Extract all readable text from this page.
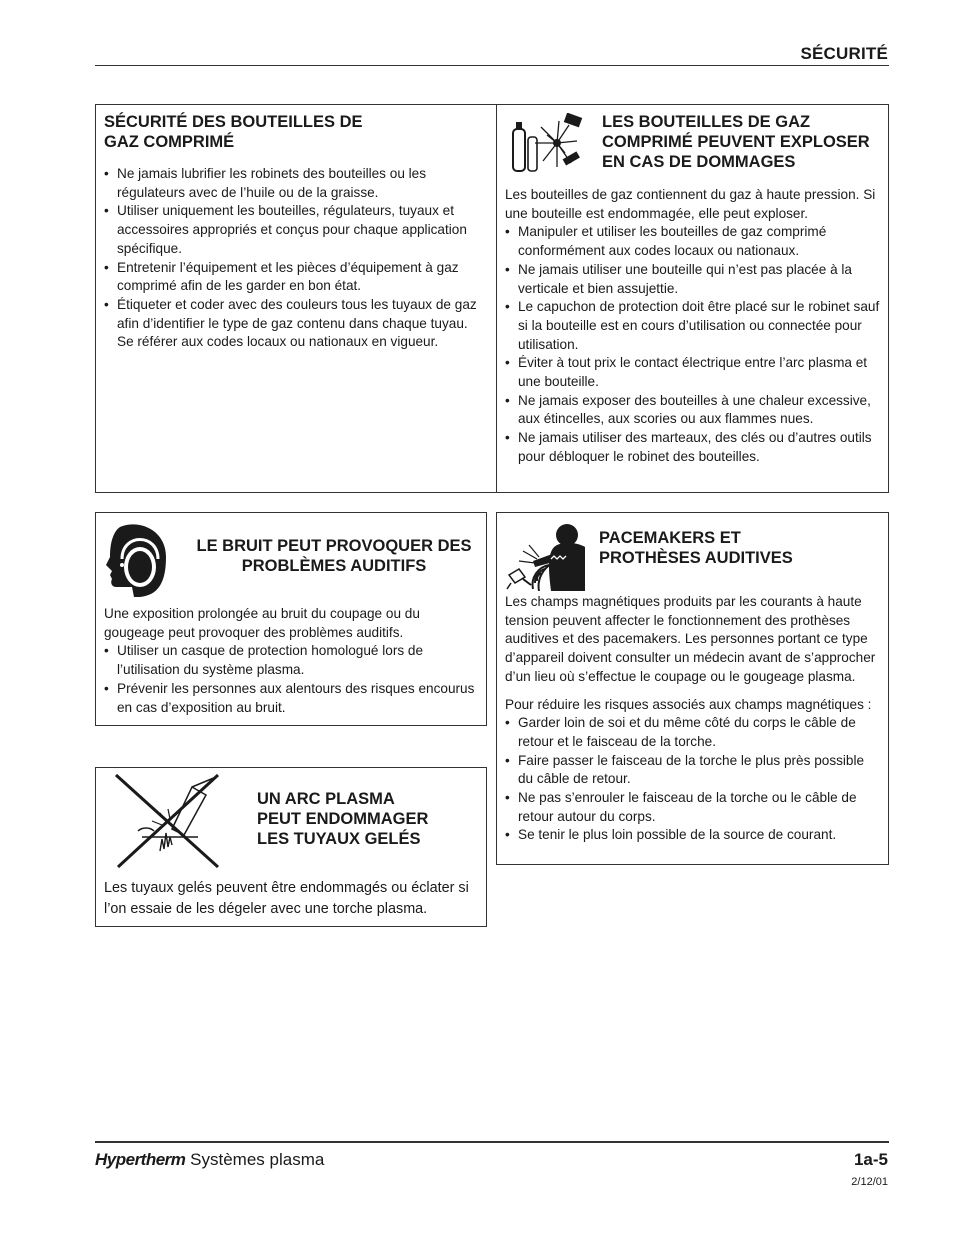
SÉCURITÉ
SÉCURITÉ DES BOUTEILLES DE
GAZ COMPRIMÉ
• Ne jamais lubrifier les robinets des bouteilles ou les régulateurs avec de l’huile ou de la graisse.
• Utiliser uniquement les bouteilles, régulateurs, tuyaux et accessoires appropriés et conçus pour chaque application spécifique.
• Entretenir l’équipement et les pièces d’équipement à gaz comprimé afin de les garder en bon état.
• Étiqueter et coder avec des couleurs tous les tuyaux de gaz afin d’identifier le type de gaz contenu dans chaque tuyau. Se référer aux codes locaux ou nationaux en vigueur.
LES BOUTEILLES DE GAZ
COMPRIMÉ PEUVENT EXPLOSER
EN CAS DE DOMMAGES

Les bouteilles de gaz contiennent du gaz à haute pression. Si une bouteille est endommagée, elle peut exploser.

• Manipuler et utiliser les bouteilles de gaz comprimé conformément aux codes locaux ou nationaux.
• Ne jamais utiliser une bouteille qui n’est pas placée à la verticale et bien assujettie.
• Le capuchon de protection doit être placé sur le robinet sauf si la bouteille est en cours d’utilisation ou connectée pour utilisation.
• Éviter à tout prix le contact électrique entre l’arc plasma et une bouteille.
• Ne jamais exposer des bouteilles à une chaleur excessive, aux étincelles, aux scories ou aux flammes nues.
• Ne jamais utiliser des marteaux, des clés ou d’autres outils pour débloquer le robinet des bouteilles.
LE BRUIT PEUT PROVOQUER DES
PROBLÈMES AUDITIFS

Une exposition prolongée au bruit du coupage ou du gougeage peut provoquer des problèmes auditifs.

• Utiliser un casque de protection homologué lors de l’utilisation du système plasma.
• Prévenir les personnes aux alentours des risques encourus en cas d’exposition au bruit.
PACEMAKERS ET
PROTHÈSES AUDITIVES

Les champs magnétiques produits par les courants à haute tension peuvent affecter le fonctionnement des prothèses auditives et des pacemakers. Les personnes portant ce type d’appareil doivent consulter un médecin avant de s’approcher d’un lieu où s’effectue le coupage ou le gougeage plasma.

Pour réduire les risques associés aux champs magnétiques :

• Garder loin de soi et du même côté du corps le câble de retour et le faisceau de la torche.
• Faire passer le faisceau de la torche le plus près possible du câble de retour.
• Ne pas s’enrouler le faisceau de la torche ou le câble de retour autour du corps.
• Se tenir le plus loin possible de la source de courant.
UN ARC PLASMA
PEUT ENDOMMAGER
LES TUYAUX GELÉS

Les tuyaux gelés peuvent être endommagés ou éclater si l’on essaie de les dégeler avec une torche plasma.

Hypertherm Systèmes plasma	1a-5
2/12/01
